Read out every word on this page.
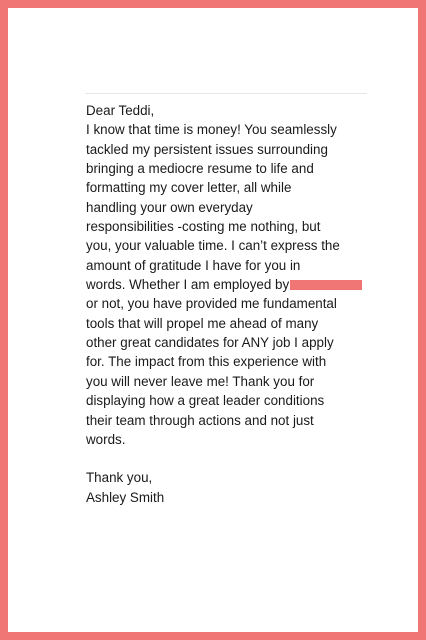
Dear Teddi,

I know that time is money! You seamlessly

tackled my persistent issues surrounding

bringing a mediocre resume to life and

formatting my cover letter, all while

handling your own everyday

responsibilities -costing me nothing, but

you, your valuable time. I can’t express the

amount of gratitude I have for you in

words. Whether I am employed by

or not, you have provided me fundamental

tools that will propel me ahead of many

other great candidates for ANY job I apply

for. The impact from this experience with

you will never leave me! Thank you for

displaying how a great leader conditions

their team through actions and not just

words.

Thank you,

Ashley Smith
